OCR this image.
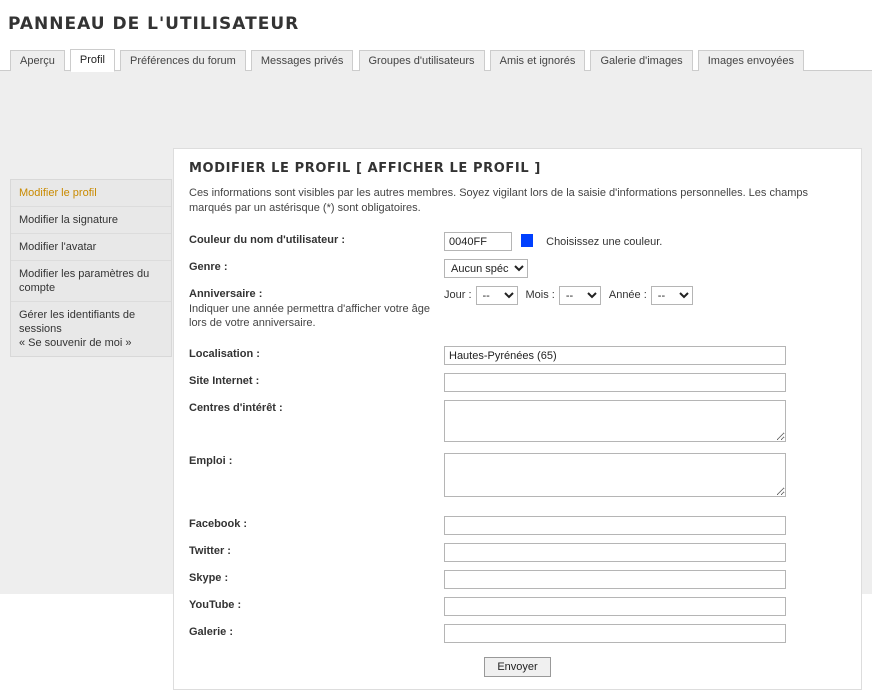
PANNEAU DE L'UTILISATEUR
Aperçu Profil Préférences du forum Messages privés Groupes d'utilisateurs Amis et ignorés Galerie d'images Images envoyées
Modifier le profil
Modifier la signature
Modifier l'avatar
Modifier les paramètres du compte
Gérer les identifiants de sessions
« Se souvenir de moi »
MODIFIER LE PROFIL [ AFFICHER LE PROFIL ]
Ces informations sont visibles par les autres membres. Soyez vigilant lors de la saisie d'informations personnelles. Les champs marqués par un astérisque (*) sont obligatoires.
Couleur du nom d'utilisateur :
0040FF	Choisissez une couleur.
Genre :
Aucun spécifié
Anniversaire :
Indiquer une année permettra d'afficher votre âge lors de votre anniversaire.
Jour :
--	Mois :
--	Année :
--
Localisation :
Hautes-Pyrénées (65)
Site Internet :
Centres d'intérêt :
Emploi :
Facebook :
Twitter :
Skype :
YouTube :
Galerie :
Envoyer
